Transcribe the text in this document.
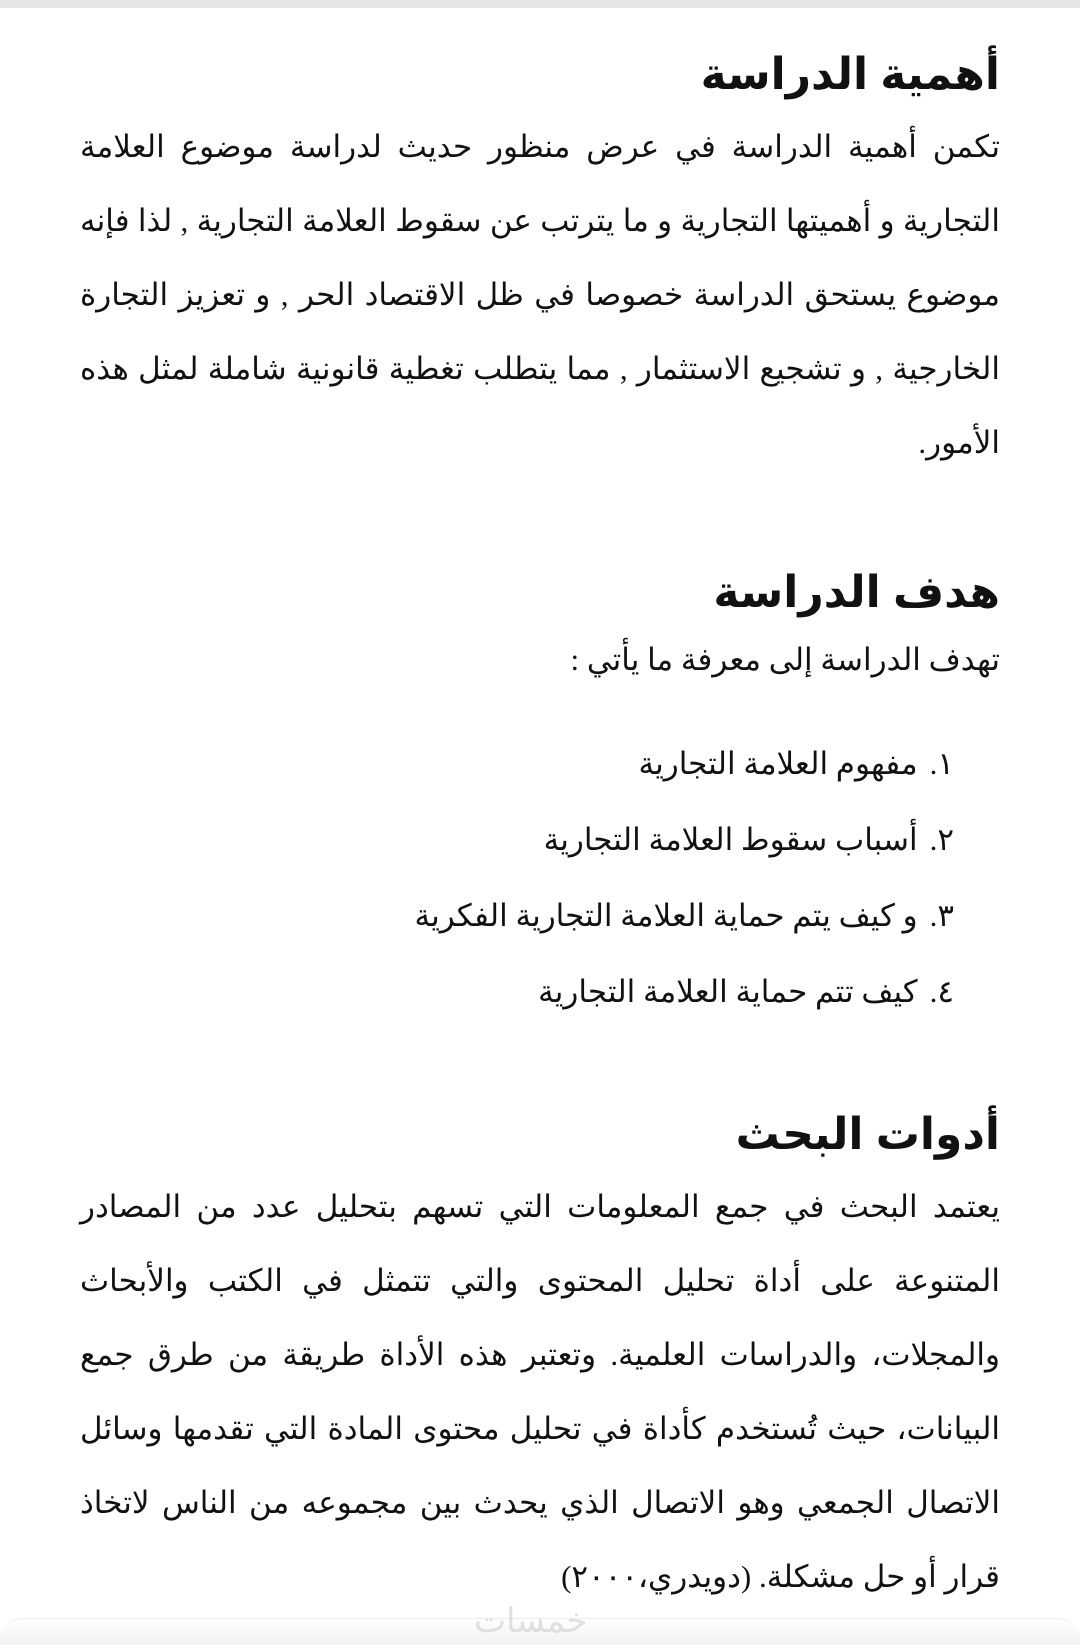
أهمية الدراسة

تكمن أهمية الدراسة في عرض منظور حديث لدراسة موضوع العلامة التجارية و أهميتها التجارية و ما يترتب عن سقوط العلامة التجارية , لذا فإنه موضوع يستحق الدراسة خصوصا في ظل الاقتصاد الحر , و تعزيز التجارة الخارجية , و تشجيع الاستثمار , مما يتطلب تغطية قانونية شاملة لمثل هذه الأمور.

هدف الدراسة

تهدف الدراسة إلى معرفة ما يأتي :

١.
مفهوم العلامة التجارية
٢.
أسباب سقوط العلامة التجارية
٣.
و كيف يتم حماية العلامة التجارية الفكرية
٤.
كيف تتم حماية العلامة التجارية
أدوات البحث

يعتمد البحث في جمع المعلومات التي تسهم بتحليل عدد من المصادر المتنوعة على أداة تحليل المحتوى والتي تتمثل في الكتب والأبحاث والمجلات، والدراسات العلمية. وتعتبر هذه الأداة طريقة من طرق جمع البيانات، حيث تُستخدم كأداة في تحليل محتوى المادة التي تقدمها وسائل الاتصال الجمعي وهو الاتصال الذي يحدث بين مجموعه من الناس لاتخاذ قرار أو حل مشكلة. (دويدري،٢٠٠٠)

خمسات
